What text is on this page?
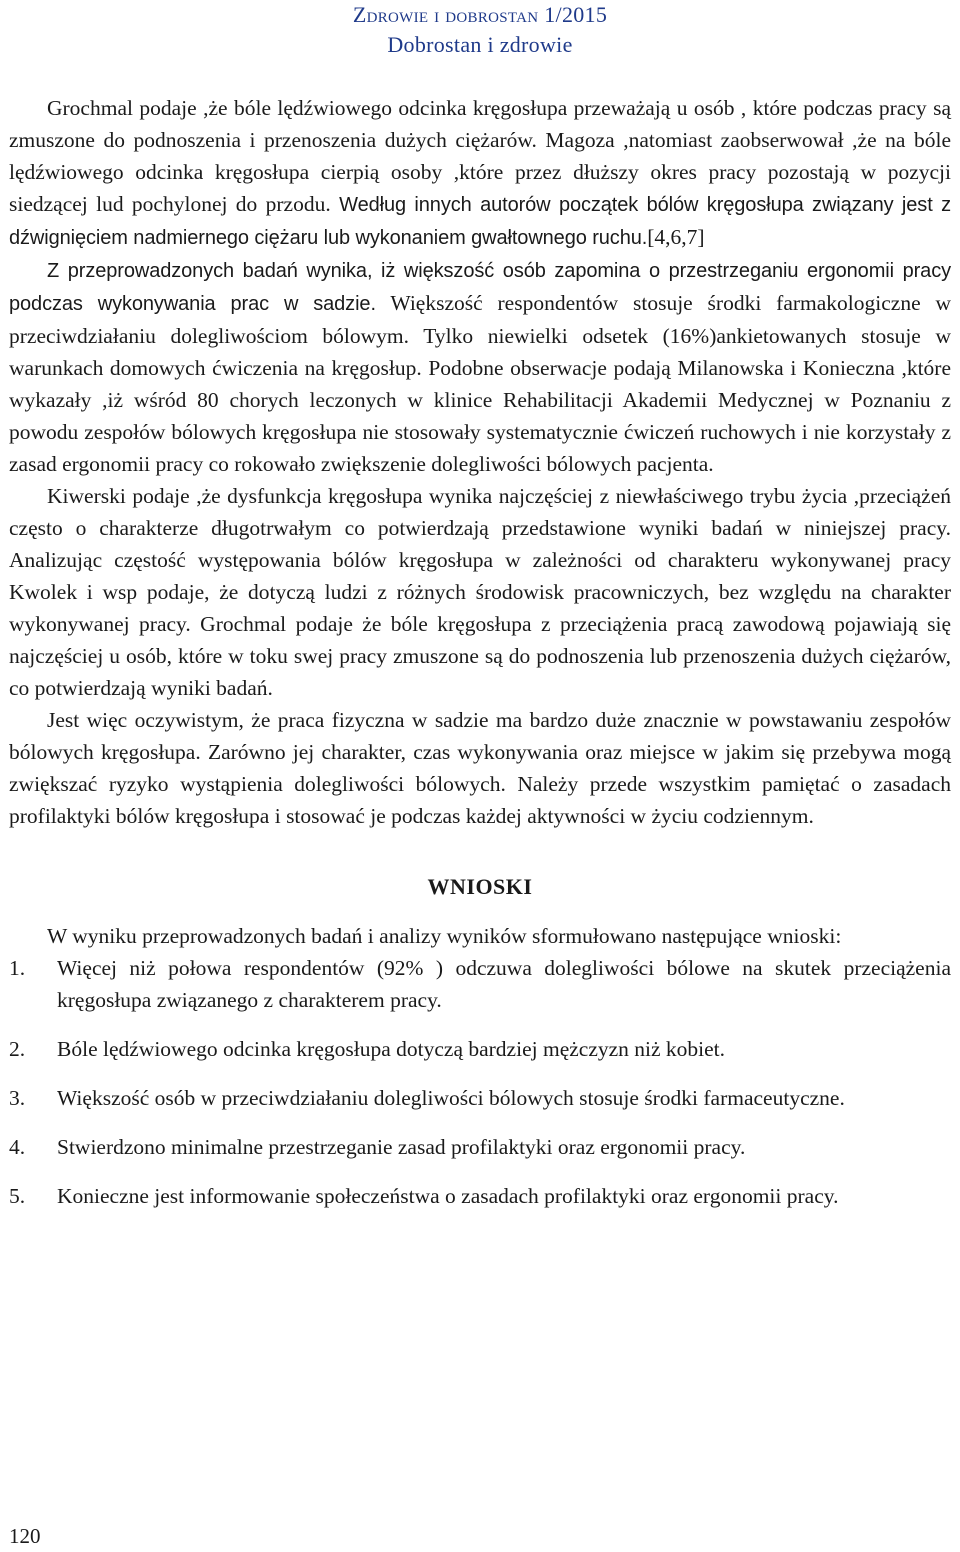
Zdrowie i dobrostan 1/2015
Dobrostan i zdrowie

Grochmal podaje ,że bóle lędźwiowego odcinka kręgosłupa przeważają u osób , które podczas pracy są zmuszone do podnoszenia i przenoszenia dużych ciężarów. Magoza ,natomiast zaobserwował ,że na bóle lędźwiowego odcinka kręgosłupa cierpią osoby ,które przez dłuższy okres pracy pozostają w pozycji siedzącej lud pochylonej do przodu. Według innych autorów początek bólów kręgosłupa związany jest z dźwignięciem nadmiernego ciężaru lub wykonaniem gwałtownego ruchu.[4,6,7]

Z przeprowadzonych badań wynika, iż większość osób zapomina o przestrzeganiu ergonomii pracy podczas wykonywania prac w sadzie. Większość respondentów stosuje środki farmakologiczne w przeciwdziałaniu dolegliwościom bólowym. Tylko niewielki odsetek (16%)ankietowanych stosuje w warunkach domowych ćwiczenia na kręgosłup. Podobne obserwacje podają Milanowska i Konieczna ,które wykazały ,iż wśród 80 chorych leczonych w klinice Rehabilitacji Akademii Medycznej w Poznaniu z powodu zespołów bólowych kręgosłupa nie stosowały systematycznie ćwiczeń ruchowych i nie korzystały z zasad ergonomii pracy co rokowało zwiększenie dolegliwości bólowych pacjenta.

Kiwerski podaje ,że dysfunkcja kręgosłupa wynika najczęściej z niewłaściwego trybu życia ,przeciążeń często o charakterze długotrwałym co potwierdzają przedstawione wyniki badań w niniejszej pracy. Analizując częstość występowania bólów kręgosłupa w zależności od charakteru wykonywanej pracy Kwolek i wsp podaje, że dotyczą ludzi z różnych środowisk pracowniczych, bez względu na charakter wykonywanej pracy. Grochmal podaje że bóle kręgosłupa z przeciążenia pracą zawodową pojawiają się najczęściej u osób, które w toku swej pracy zmuszone są do podnoszenia lub przenoszenia dużych ciężarów, co potwierdzają wyniki badań.

Jest więc oczywistym, że praca fizyczna w sadzie ma bardzo duże znacznie w powstawaniu zespołów bólowych kręgosłupa. Zarówno jej charakter, czas wykonywania oraz miejsce w jakim się przebywa mogą zwiększać ryzyko wystąpienia dolegliwości bólowych. Należy przede wszystkim pamiętać o zasadach profilaktyki bólów kręgosłupa i stosować je podczas każdej aktywności w życiu codziennym.

WNIOSKI

W wyniku przeprowadzonych badań i analizy wyników sformułowano następujące wnioski:

1. Więcej niż połowa respondentów (92% ) odczuwa dolegliwości bólowe na skutek przeciążenia kręgosłupa związanego z charakterem pracy.
2. Bóle lędźwiowego odcinka kręgosłupa dotyczą bardziej mężczyzn niż kobiet.
3. Większość osób w przeciwdziałaniu dolegliwości bólowych stosuje środki farmaceutyczne.
4. Stwierdzono minimalne przestrzeganie zasad profilaktyki oraz ergonomii pracy.
5. Konieczne jest informowanie społeczeństwa o zasadach profilaktyki oraz ergonomii pracy.
120
